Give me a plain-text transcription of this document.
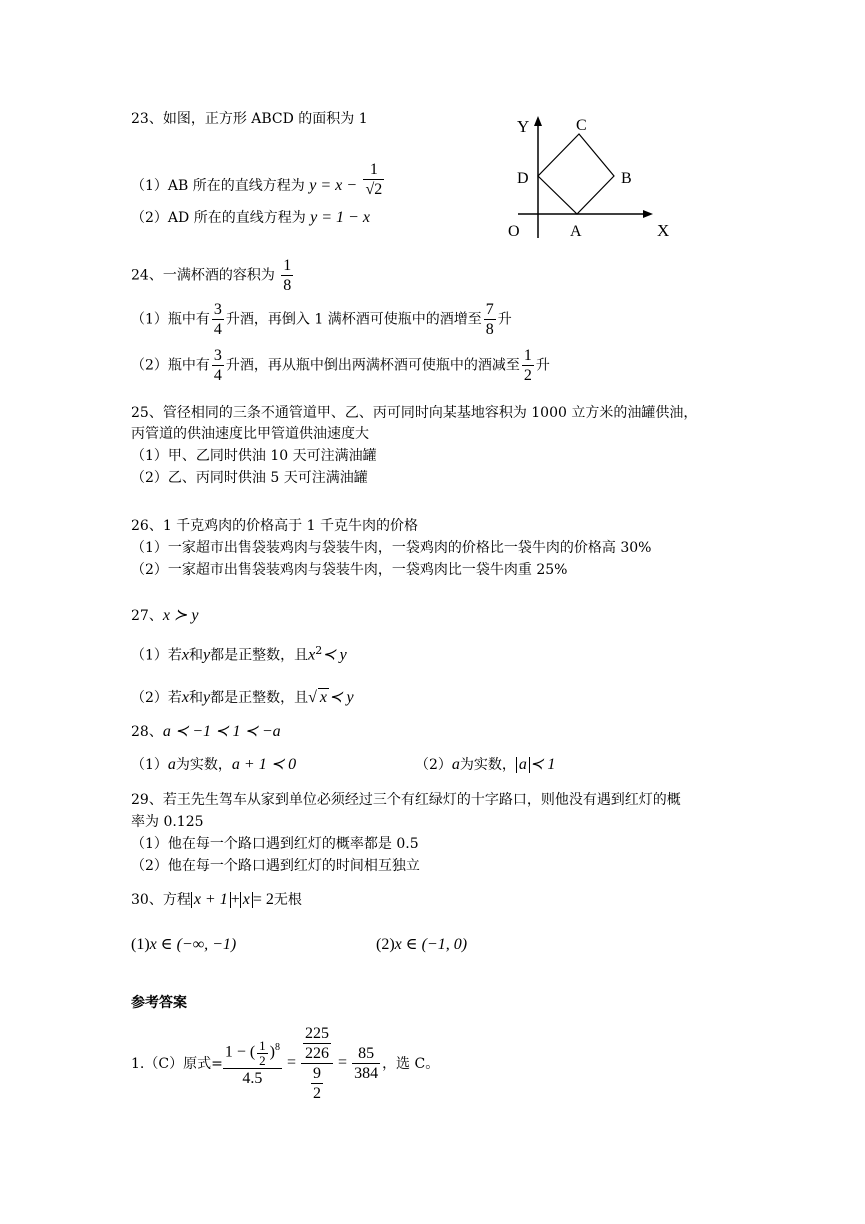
23、如图，正方形 ABCD 的面积为 1
（1）AB 所在的直线方程为 $y = x - \frac{1}{√2}$
（2）AD 所在的直线方程为 y = 1 − x
Y
X
O	A
B
C
D
24、一满杯酒的容积为 $\frac{1}{8}$
（1）瓶中有 $\frac{3}{4}$ 升酒，再倒入 1 满杯酒可使瓶中的酒增至 $\frac{7}{8}$ 升
（2）瓶中有 $\frac{3}{4}$ 升酒，再从瓶中倒出两满杯酒可使瓶中的酒减至 $\frac{1}{2}$ 升
25、管径相同的三条不通管道甲、乙、丙可同时向某基地容积为 1000 立方米的油罐供油，
丙管道的供油速度比甲管道供油速度大
（1）甲、乙同时供油 10 天可注满油罐
（2）乙、丙同时供油 5 天可注满油罐
26、1 千克鸡肉的价格高于 1 千克牛肉的价格
（1）一家超市出售袋装鸡肉与袋装牛肉，一袋鸡肉的价格比一袋牛肉的价格高 30%
（2）一家超市出售袋装鸡肉与袋装牛肉，一袋鸡肉比一袋牛肉重 25%
27、x ≻ y
（1）若x和y都是正整数，且$x^2≺$ y
（2）若x和y都是正整数，且√ x ≺ y
28、a ≺ −1 ≺ 1 ≺ −a
（1）a为实数，a + 1 ≺ 0	（2）a为实数， a ≺ 1
29、若王先生驾车从家到单位必须经过三个有红绿灯的十字路口，则他没有遇到红灯的概
率为 0.125
（1）他在每一个路口遇到红灯的概率都是 0.5
（2）他在每一个路口遇到红灯的时间相互独立
30、方程 x + 1 + x = 2无根
(1)x ∈ (−∞, −1)	(2)x ∈ (−1, 0)
参考答案
1.（C）原式= $\frac{1 - ( \frac{1}{2} )^8}{4.5} = \frac{\frac{225}{226}}{\frac{9}{2}} = \frac{85}{384}$ ，选 C。
